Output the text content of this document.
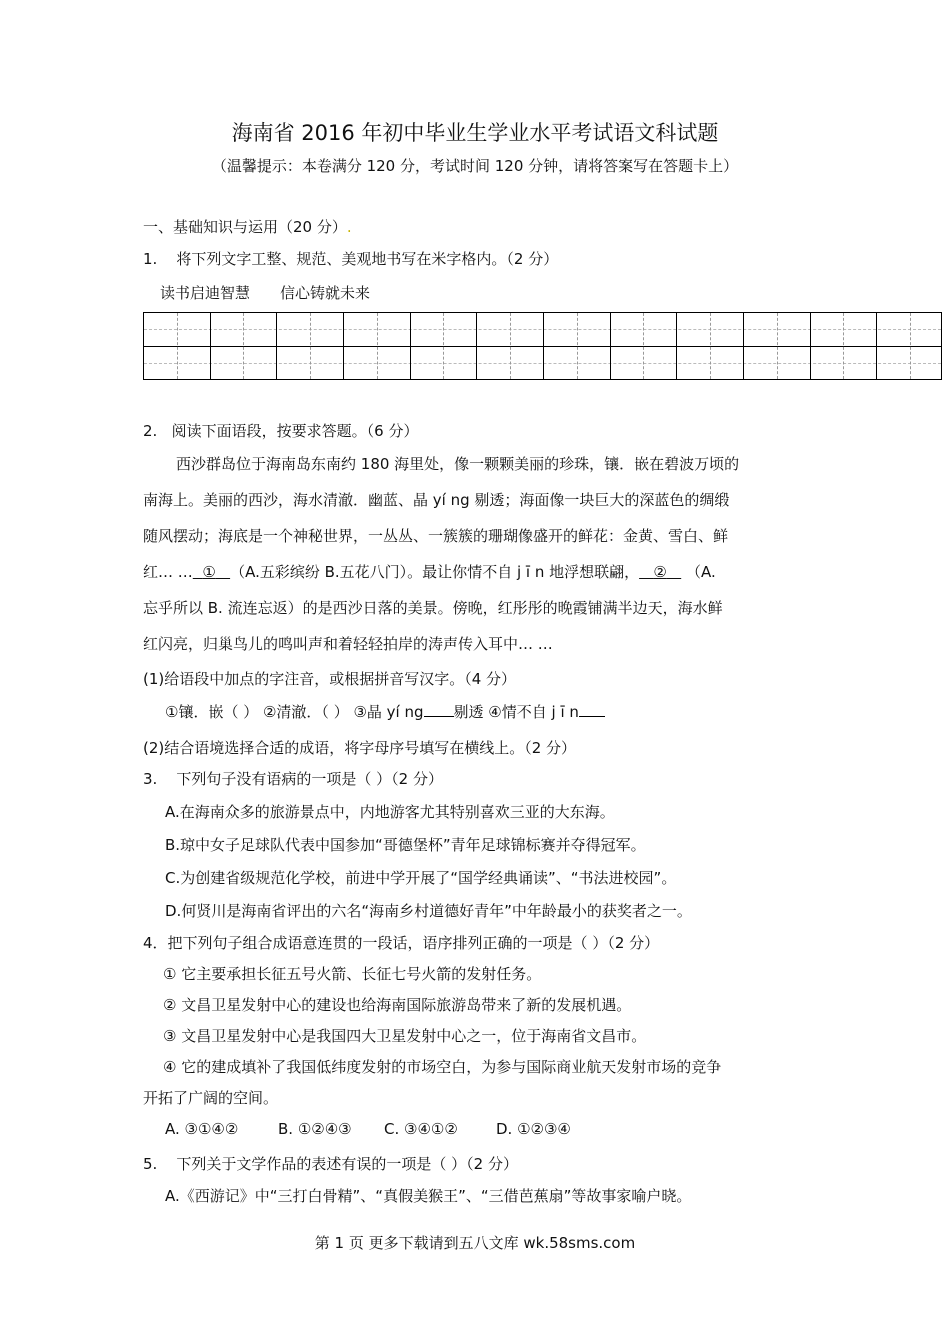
海南省 2016 年初中毕业生学业水平考试语文科试题
（温馨提示：本卷满分 120 分，考试时间 120 分钟，请将答案写在答题卡上）
一、基础知识与运用（20 分）.
1. 将下列文字工整、规范、美观地书写在米字格内。（2 分）
读书启迪智慧　　信心铸就未来
2. 阅读下面语段，按要求答题。（6 分）
西沙群岛位于海南岛东南约 180 海里处，像一颗颗美丽的珍珠，镶．嵌在碧波万顷的
南海上。美丽的西沙，海水清澈．幽蓝、晶 yí ng 剔透；海面像一块巨大的深蓝色的绸缎
随风摆动；海底是一个神秘世界，一丛丛、一簇簇的珊瑚像盛开的鲜花：金黄、雪白、鲜
红… … ① （A.五彩缤纷 B.五花八门）。最让你情不自 j ī n 地浮想联翩， ② （A.
忘乎所以 B. 流连忘返）的是西沙日落的美景。傍晚，红彤彤的晚霞铺满半边天，海水鲜
红闪亮，归巢鸟儿的鸣叫声和着轻轻拍岸的涛声传入耳中… …
(1)给语段中加点的字注音，或根据拼音写汉字。（4 分）
①镶．嵌（ ） ②清澈．（ ） ③晶 yí ng 剔透 ④情不自 j ī n
(2)结合语境选择合适的成语，将字母序号填写在横线上。（2 分）
3. 下列句子没有语病的一项是（ ）（2 分）
A.在海南众多的旅游景点中，内地游客尤其特别喜欢三亚的大东海。
B.琼中女子足球队代表中国参加“哥德堡杯”青年足球锦标赛并夺得冠军。
C.为创建省级规范化学校，前进中学开展了“国学经典诵读”、“书法进校园”。
D.何贤川是海南省评出的六名“海南乡村道德好青年”中年龄最小的获奖者之一。
4．把下列句子组合成语意连贯的一段话，语序排列正确的一项是（ ）（2 分）
① 它主要承担长征五号火箭、长征七号火箭的发射任务。
② 文昌卫星发射中心的建设也给海南国际旅游岛带来了新的发展机遇。
③ 文昌卫星发射中心是我国四大卫星发射中心之一，位于海南省文昌市。
④ 它的建成填补了我国低纬度发射的市场空白，为参与国际商业航天发射市场的竞争
开拓了广阔的空间。
A. ③①④②	B. ①②④③ C. ③④①②	D. ①②③④
5. 下列关于文学作品的表述有误的一项是（ ）（2 分）
A.《西游记》中“三打白骨精”、“真假美猴王”、“三借芭蕉扇”等故事家喻户晓。
第 1 页 更多下载请到五八文库 wk.58sms.com
